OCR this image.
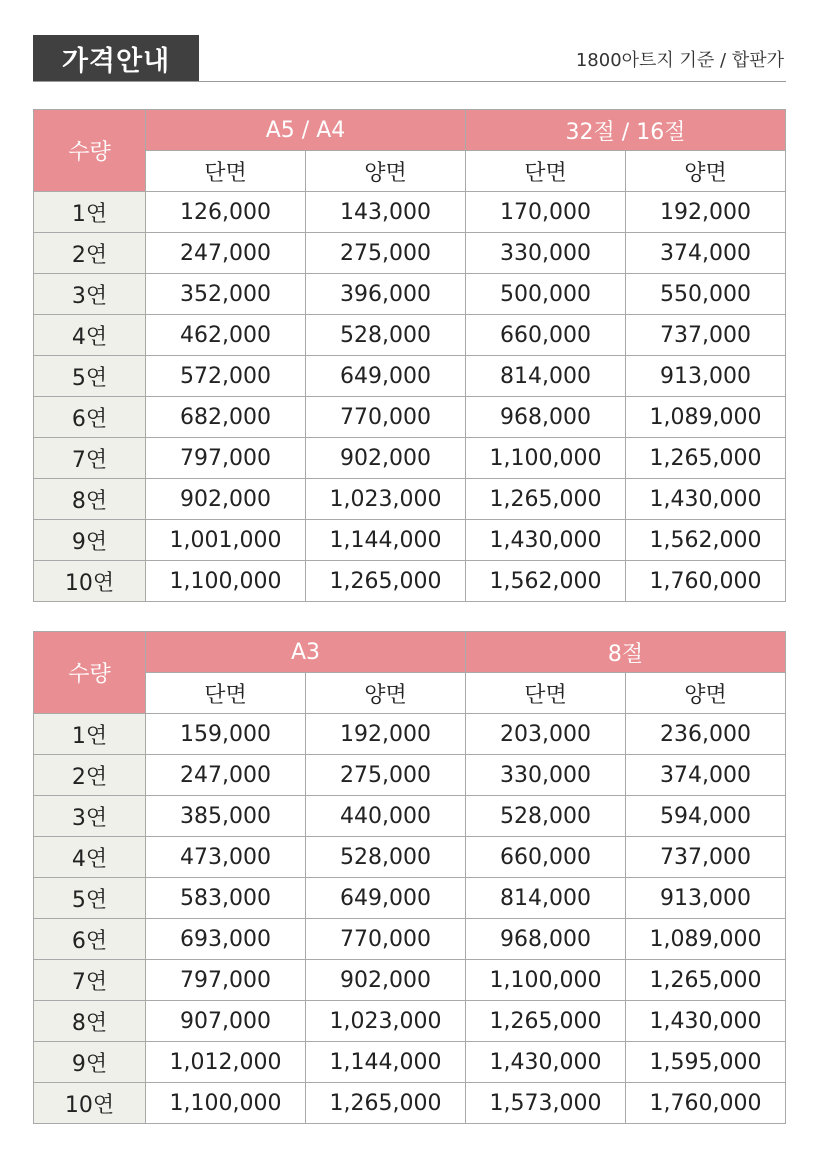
가격안내	1800아트지 기준 / 합판가
수량	A5 / A4		32절 / 16절	
	단면	양면	단면	양면
1연	126,000	143,000	170,000	192,000
2연	247,000	275,000	330,000	374,000
3연	352,000	396,000	500,000	550,000
4연	462,000	528,000	660,000	737,000
5연	572,000	649,000	814,000	913,000
6연	682,000	770,000	968,000	1,089,000
7연	797,000	902,000	1,100,000	1,265,000
8연	902,000	1,023,000	1,265,000	1,430,000
9연	1,001,000	1,144,000	1,430,000	1,562,000
10연	1,100,000	1,265,000	1,562,000	1,760,000
수량	A3		8절	
	단면	양면	단면	양면
1연	159,000	192,000	203,000	236,000
2연	247,000	275,000	330,000	374,000
3연	385,000	440,000	528,000	594,000
4연	473,000	528,000	660,000	737,000
5연	583,000	649,000	814,000	913,000
6연	693,000	770,000	968,000	1,089,000
7연	797,000	902,000	1,100,000	1,265,000
8연	907,000	1,023,000	1,265,000	1,430,000
9연	1,012,000	1,144,000	1,430,000	1,595,000
10연	1,100,000	1,265,000	1,573,000	1,760,000
